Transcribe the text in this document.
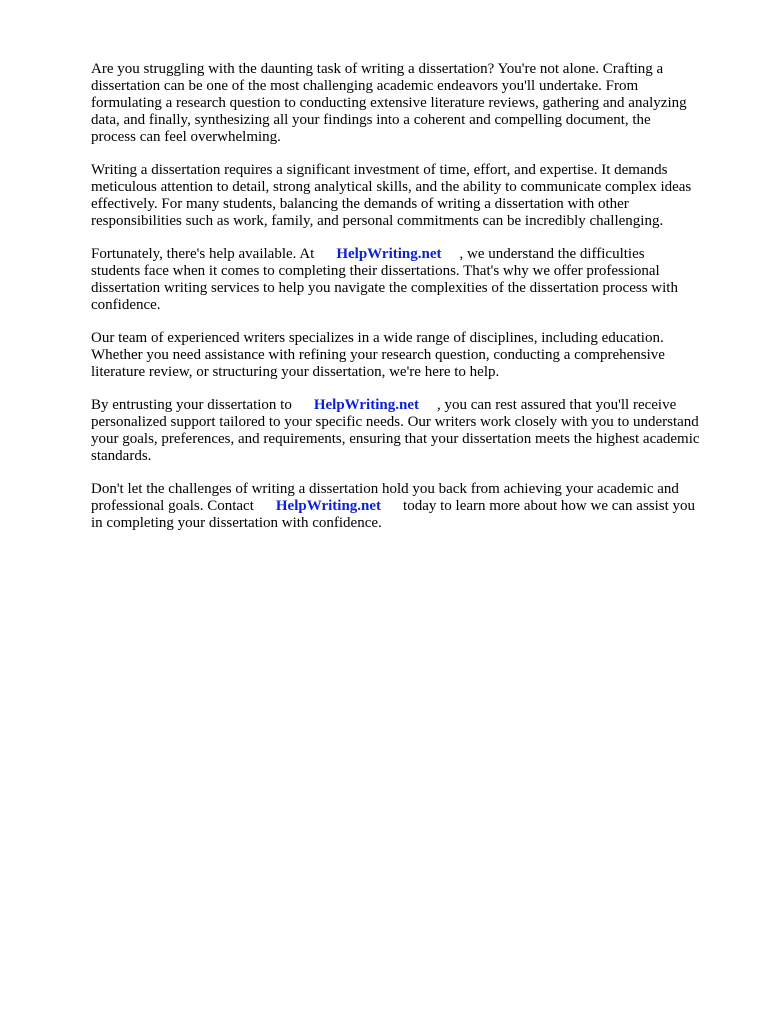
Are you struggling with the daunting task of writing a dissertation? You're not alone. Crafting a
dissertation can be one of the most challenging academic endeavors you'll undertake. From
formulating a research question to conducting extensive literature reviews, gathering and analyzing
data, and finally, synthesizing all your findings into a coherent and compelling document, the
process can feel overwhelming.

Writing a dissertation requires a significant investment of time, effort, and expertise. It demands
meticulous attention to detail, strong analytical skills, and the ability to communicate complex ideas
effectively. For many students, balancing the demands of writing a dissertation with other
responsibilities such as work, family, and personal commitments can be incredibly challenging.

Fortunately, there's help available. At HelpWriting.net , we understand the difficulties
students face when it comes to completing their dissertations. That's why we offer professional
dissertation writing services to help you navigate the complexities of the dissertation process with
confidence.

Our team of experienced writers specializes in a wide range of disciplines, including education.
Whether you need assistance with refining your research question, conducting a comprehensive
literature review, or structuring your dissertation, we're here to help.

By entrusting your dissertation to HelpWriting.net , you can rest assured that you'll receive
personalized support tailored to your specific needs. Our writers work closely with you to understand
your goals, preferences, and requirements, ensuring that your dissertation meets the highest academic
standards.

Don't let the challenges of writing a dissertation hold you back from achieving your academic and
professional goals. Contact HelpWriting.net today to learn more about how we can assist you
in completing your dissertation with confidence.
